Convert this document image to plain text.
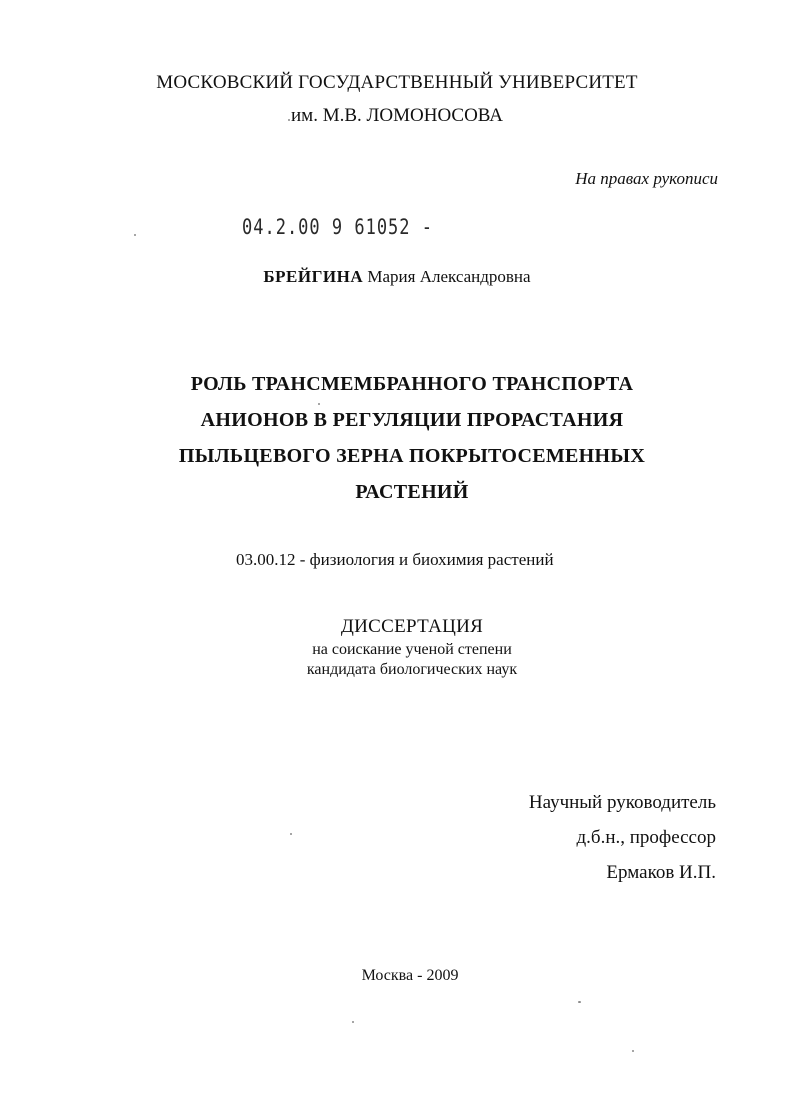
МОСКОВСКИЙ ГОСУДАРСТВЕННЫЙ УНИВЕРСИТЕТ
им. М.В. ЛОМОНОСОВА
На правах рукописи
04.2.00 9 61052 -
БРЕЙГИНА Мария Александровна
РОЛЬ ТРАНСМЕМБРАННОГО ТРАНСПОРТА
АНИОНОВ В РЕГУЛЯЦИИ ПРОРАСТАНИЯ
ПЫЛЬЦЕВОГО ЗЕРНА ПОКРЫТОСЕМЕННЫХ
РАСТЕНИЙ
03.00.12 - физиология и биохимия растений
ДИССЕРТАЦИЯ
на соискание ученой степени
кандидата биологических наук
Научный руководитель
д.б.н., профессор
Ермаков И.П.
Москва - 2009
